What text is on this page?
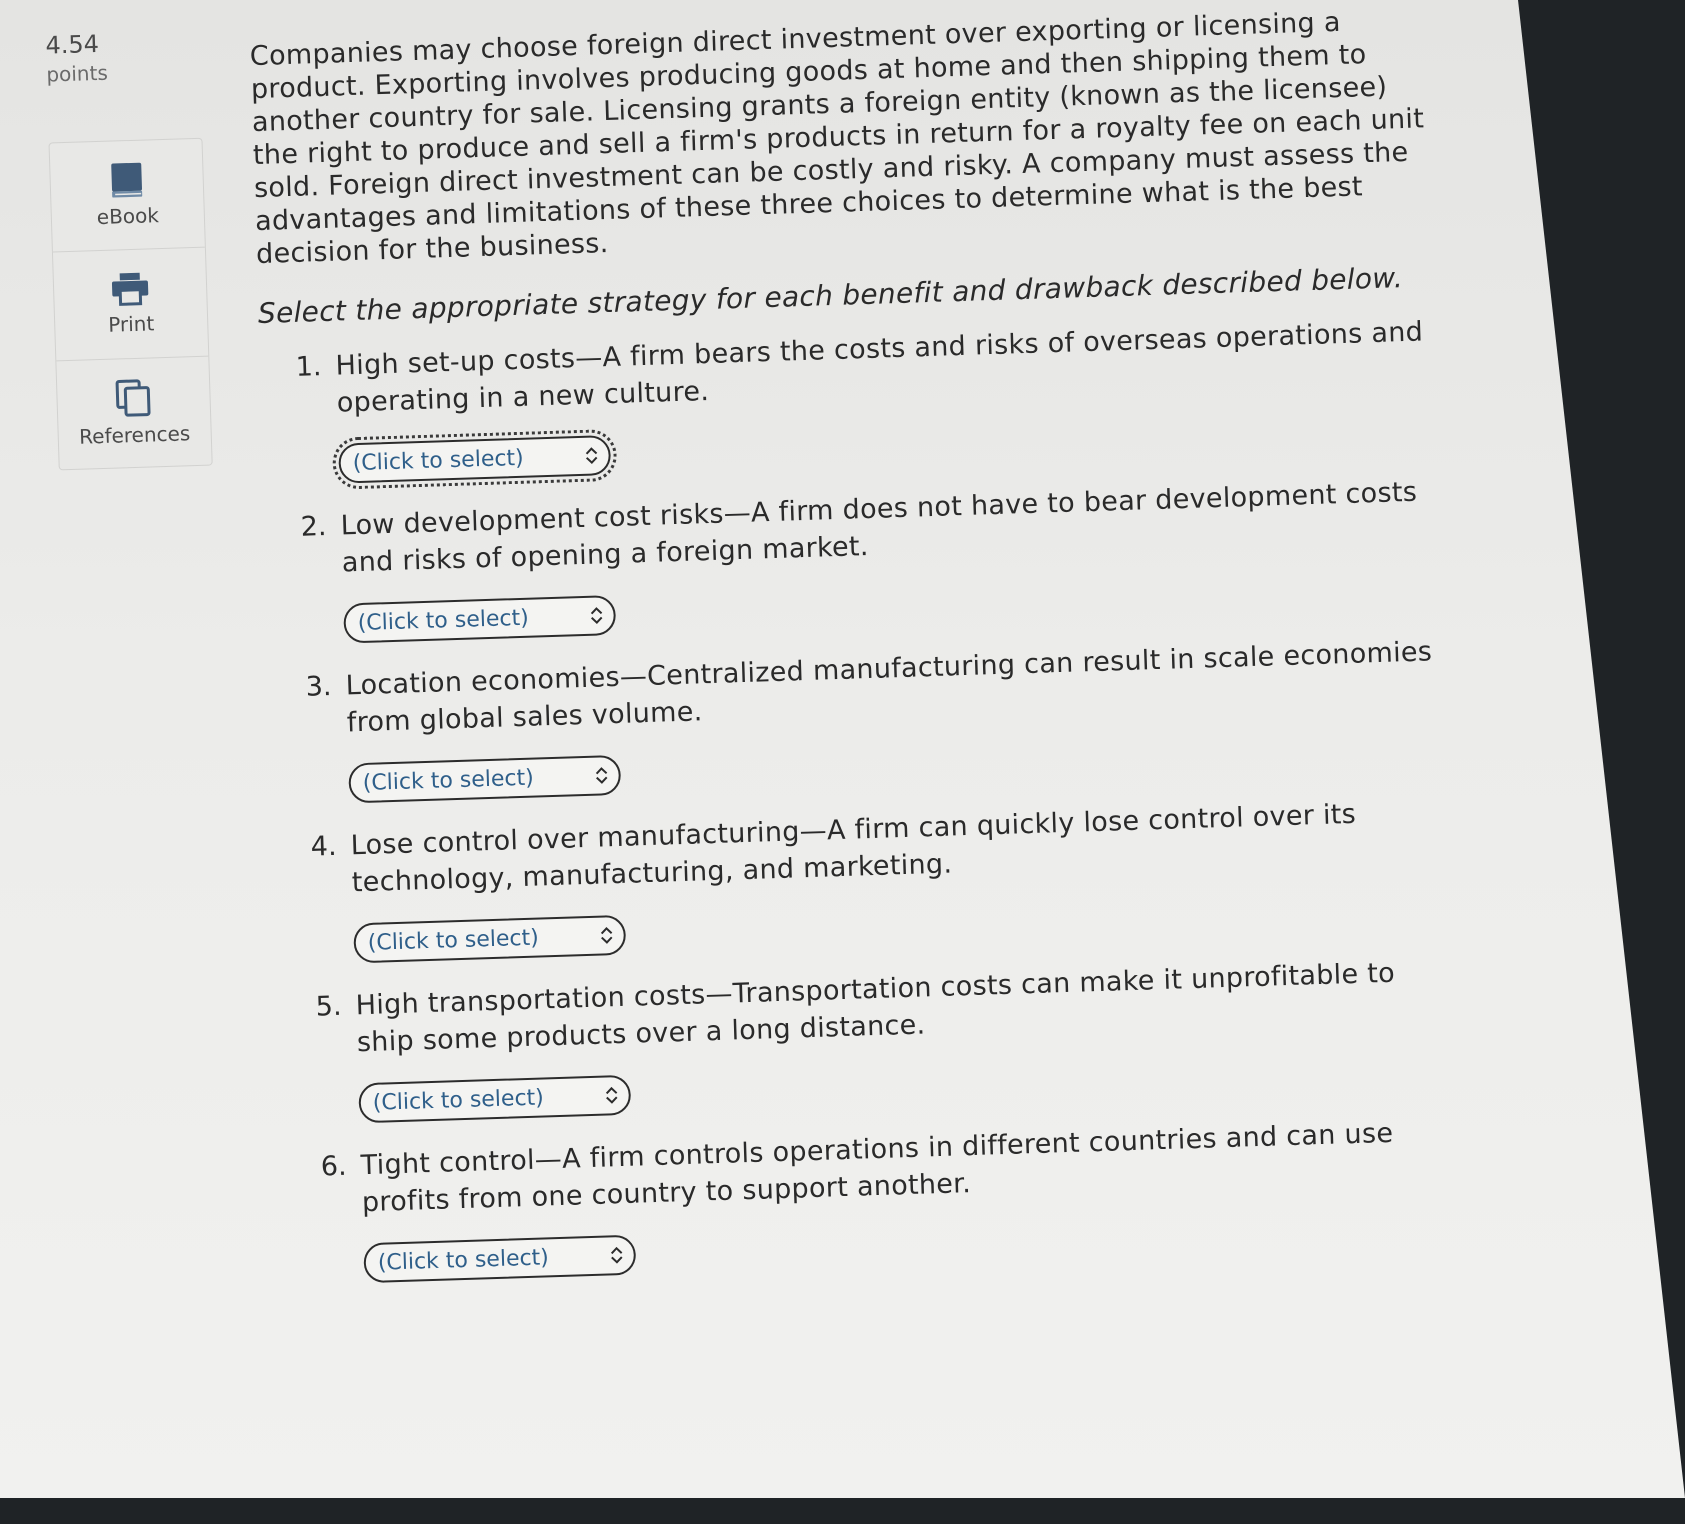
4.54
points
eBook
Print
References

Companies may choose foreign direct investment over exporting or licensing a product. Exporting involves producing goods at home and then shipping them to another country for sale. Licensing grants a foreign entity (known as the licensee) the right to produce and sell a firm's products in return for a royalty fee on each unit sold. Foreign direct investment can be costly and risky. A company must assess the advantages and limitations of these three choices to determine what is the best decision for the business.

Select the appropriate strategy for each benefit and drawback described below.

1. High set-up costs—A firm bears the costs and risks of overseas operations and operating in a new culture.
(Click to select)
2. Low development cost risks—A firm does not have to bear development costs and risks of opening a foreign market.
(Click to select)
3. Location economies—Centralized manufacturing can result in scale economies from global sales volume.
(Click to select)
4. Lose control over manufacturing—A firm can quickly lose control over its technology, manufacturing, and marketing.
(Click to select)
5. High transportation costs—Transportation costs can make it unprofitable to ship some products over a long distance.
(Click to select)
6. Tight control—A firm controls operations in different countries and can use profits from one country to support another.
(Click to select)
